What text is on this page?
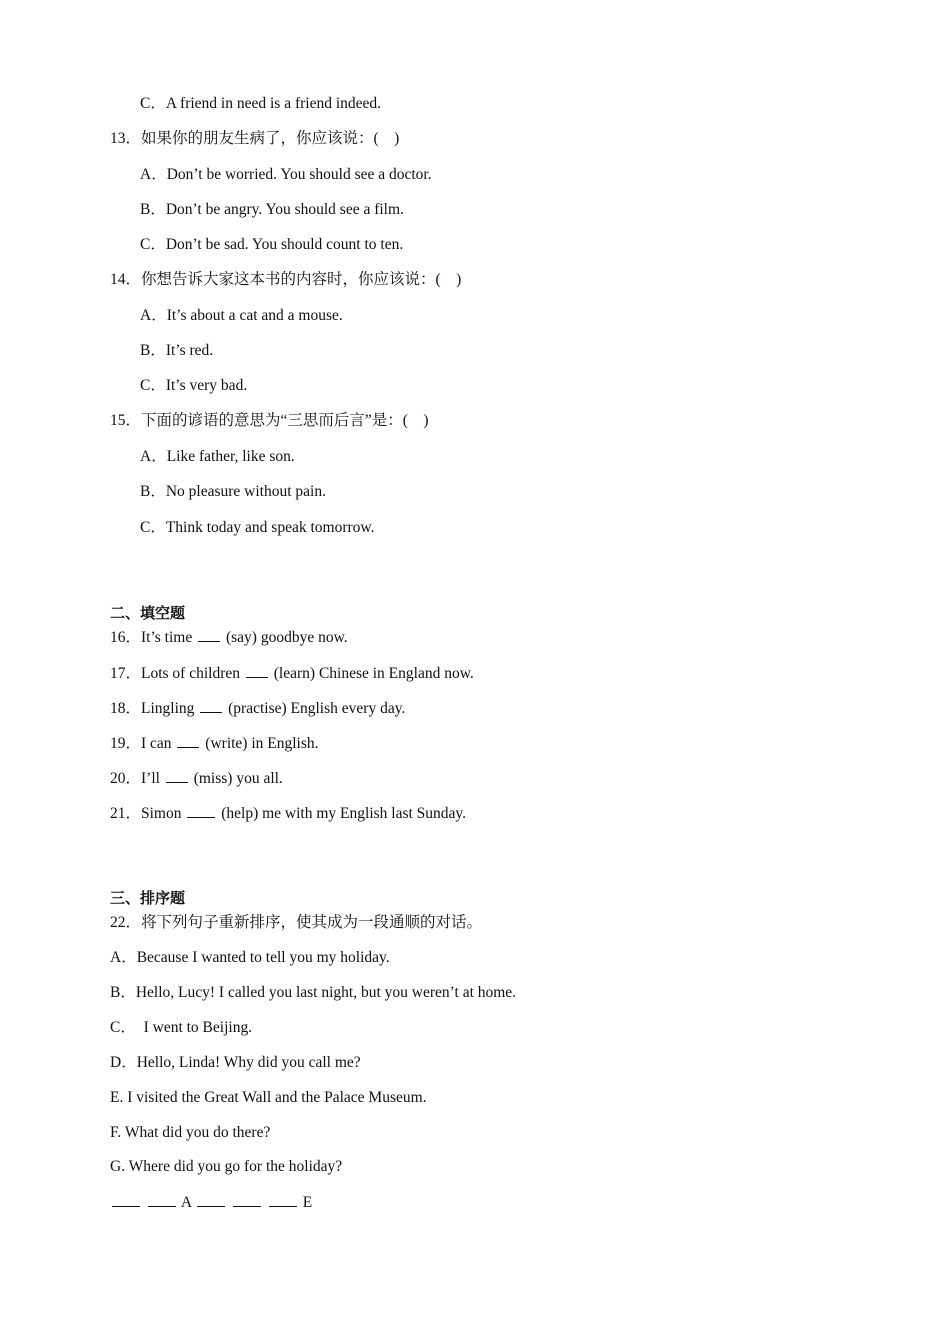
C．A friend in need is a friend indeed.
13．如果你的朋友生病了，你应该说：(    )
A．Don’t be worried. You should see a doctor.
B．Don’t be angry. You should see a film.
C．Don’t be sad. You should count to ten.
14．你想告诉大家这本书的内容时，你应该说：(    )
A．It’s about a cat and a mouse.
B．It’s red.
C．It’s very bad.
15．下面的谚语的意思为“三思而后言”是：(    )
A．Like father, like son.
B．No pleasure without pain.
C．Think today and speak tomorrow.
二、填空题
16．It’s time  (say) goodbye now.
17．Lots of children  (learn) Chinese in England now.
18．Lingling  (practise) English every day.
19．I can  (write) in English.
20．I’ll  (miss) you all.
21．Simon  (help) me with my English last Sunday.
三、排序题
22．将下列句子重新排序，使其成为一段通顺的对话。
A．Because I wanted to tell you my holiday.
B．Hello, Lucy! I called you last night, but you weren’t at home.
C．  I went to Beijing.
D．Hello, Linda! Why did you call me?
E. I visited the Great Wall and the Palace Museum.
F. What did you do there?
G. Where did you go for the holiday?
A	E
